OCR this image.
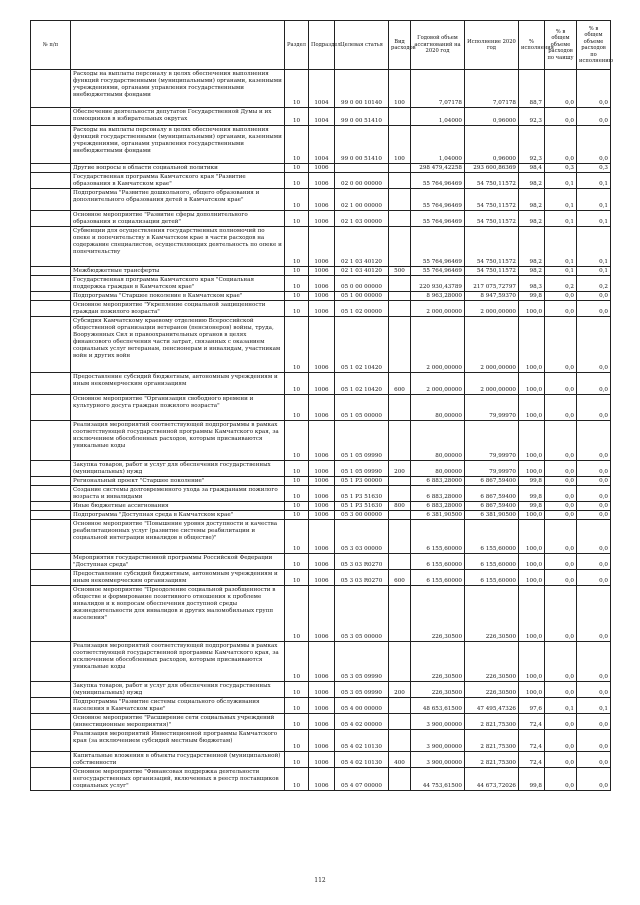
№ п/п		Раздел	Подраздел	Целевая статья	Вид расходов	Годовой объем ассигнований на 2020 год	Исполнение 2020 год	% исполнения	% в общем объеме расходов по чаишу	% в общем объеме расходов по исполнению
	Расходы на выплаты персоналу в целях обеспечения выполнения функций государственными (муниципальными) органами, казенными учреждениями, органами управления государственными внебюджетными фондами	10	1004	99 0 00 10140	100	7,07178	7,07178	88,7	0,0	0,0
	Обеспечение деятельности депутатов Государственной Думы и их помощников в избирательных округах	10	1004	99 0 00 51410		1,04000	0,96000	92,3	0,0	0,0
	Расходы на выплаты персоналу в целях обеспечения выполнения функций государственными (муниципальными) органами, казенными учреждениями, органами управления государственными внебюджетными фондами	10	1004	99 0 00 51410	100	1,04000	0,96000	92,3	0,0	0,0
	Другие вопросы в области социальной политики	10	1006			298 479,42258	293 600,86369	98,4	0,3	0,3
	Государственная программа Камчатского края "Развитие образования в Камчатском крае"	10	1006	02 0 00 00000		55 764,96469	54 750,11572	98,2	0,1	0,1
	Подпрограмма "Развитие дошкольного, общего образования и дополнительного образования детей в Камчатском крае"	10	1006	02 1 00 00000		55 764,96469	54 750,11572	98,2	0,1	0,1
	Основное мероприятие "Развитие сферы дополнительного образования и социализации детей"	10	1006	02 1 03 00000		55 764,96469	54 750,11572	98,2	0,1	0,1
	Субвенции для осуществления государственных полномочий по опеке и попечительству в Камчатском крае в части расходов на содержание специалистов, осуществляющих деятельность по опеке и попечительству	10	1006	02 1 03 40120		55 764,96469	54 750,11572	98,2	0,1	0,1
	Межбюджетные трансферты	10	1006	02 1 03 40120	500	55 764,96469	54 750,11572	98,2	0,1	0,1
	Государственная программа Камчатского края "Социальная поддержка граждан в Камчатском крае"	10	1006	05 0 00 00000		220 930,43789	217 075,72797	98,3	0,2	0,2
	Подпрограмма "Старшее поколение в Камчатском крае"	10	1006	05 1 00 00000		8 963,28000	8 947,59370	99,8	0,0	0,0
	Основное мероприятие "Укрепление социальной защищенности граждан пожилого возраста"	10	1006	05 1 02 00000		2 000,00000	2 000,00000	100,0	0,0	0,0
	Субсидия Камчатскому краевому отделению Всероссийской общественной организации ветеранов (пенсионеров) войны, труда, Вооруженных Сил и правоохранительных органов в целях финансового обеспечения части затрат, связанных с оказанием социальных услуг ветеранам, пенсионерам и инвалидам, участникам войн и других войн	10	1006	05 1 02 10420		2 000,00000	2 000,00000	100,0	0,0	0,0
	Предоставление субсидий бюджетным, автономным учреждениям и иным некоммерческим организациям	10	1006	05 1 02 10420	600	2 000,00000	2 000,00000	100,0	0,0	0,0
	Основное мероприятие "Организация свободного времени и культурного досуга граждан пожилого возраста"	10	1006	05 1 05 00000		80,00000	79,99970	100,0	0,0	0,0
	Реализация мероприятий соответствующей подпрограммы в рамках соответствующей государственной программы Камчатского края, за исключением обособленных расходов, которым присваиваются уникальные коды	10	1006	05 1 05 09990		80,00000	79,99970	100,0	0,0	0,0
	Закупка товаров, работ и услуг для обеспечения государственных (муниципальных) нужд	10	1006	05 1 05 09990	200	80,00000	79,99970	100,0	0,0	0,0
	Региональный проект "Старшее поколение"	10	1006	05 1 P3 00000		6 883,28000	6 867,59400	99,8	0,0	0,0
	Создание системы долговременного ухода за гражданами пожилого возраста и инвалидами	10	1006	05 1 P3 51630		6 883,28000	6 867,59400	99,8	0,0	0,0
	Иные бюджетные ассигнования	10	1006	05 1 P3 51630	800	6 883,28000	6 867,59400	99,8	0,0	0,0
	Подпрограмма "Доступная среда в Камчатском крае"	10	1006	05 3 00 00000		6 381,90500	6 381,90500	100,0	0,0	0,0
	Основное мероприятие "Повышение уровня доступности и качества реабилитационных услуг (развитие системы реабилитации и социальной интеграции инвалидов в обществе)"	10	1006	05 3 03 00000		6 155,60000	6 155,60000	100,0	0,0	0,0
	Мероприятия государственной программы Российской Федерации "Доступная среда"	10	1006	05 3 03 R0270		6 155,60000	6 155,60000	100,0	0,0	0,0
	Предоставление субсидий бюджетным, автономным учреждениям и иным некоммерческим организациям	10	1006	05 3 03 R0270	600	6 155,60000	6 155,60000	100,0	0,0	0,0
	Основное мероприятие "Преодоление социальной разобщенности в обществе и формирование позитивного отношения к проблеме инвалидов и к вопросам обеспечения доступной среды жизнедеятельности для инвалидов и других маломобильных групп населения"	10	1006	05 3 05 00000		226,30500	226,30500	100,0	0,0	0,0
	Реализация мероприятий соответствующей подпрограммы в рамках соответствующей государственной программы Камчатского края, за исключением обособленных расходов, которым присваиваются уникальные коды	10	1006	05 3 05 09990		226,30500	226,30500	100,0	0,0	0,0
	Закупка товаров, работ и услуг для обеспечения государственных (муниципальных) нужд	10	1006	05 3 05 09990	200	226,30500	226,30500	100,0	0,0	0,0
	Подпрограмма "Развитие системы социального обслуживания населения в Камчатском крае"	10	1006	05 4 00 00000		48 653,61500	47 495,47326	97,6	0,1	0,1
	Основное мероприятие "Расширение сети социальных учреждений (инвестиционные мероприятия)"	10	1006	05 4 02 00000		3 900,00000	2 821,75300	72,4	0,0	0,0
	Реализация мероприятий Инвестиционной программы Камчатского края (за исключением субсидий местным бюджетам)	10	1006	05 4 02 10130		3 900,00000	2 821,75300	72,4	0,0	0,0
	Капитальные вложения в объекты государственной (муниципальной) собственности	10	1006	05 4 02 10130	400	3 900,00000	2 821,75300	72,4	0,0	0,0
	Основное мероприятие "Финансовая поддержка деятельности негосударственных организаций, включенных в реестр поставщиков социальных услуг"	10	1006	05 4 07 00000		44 753,61500	44 673,72026	99,8	0,0	0,0
112
